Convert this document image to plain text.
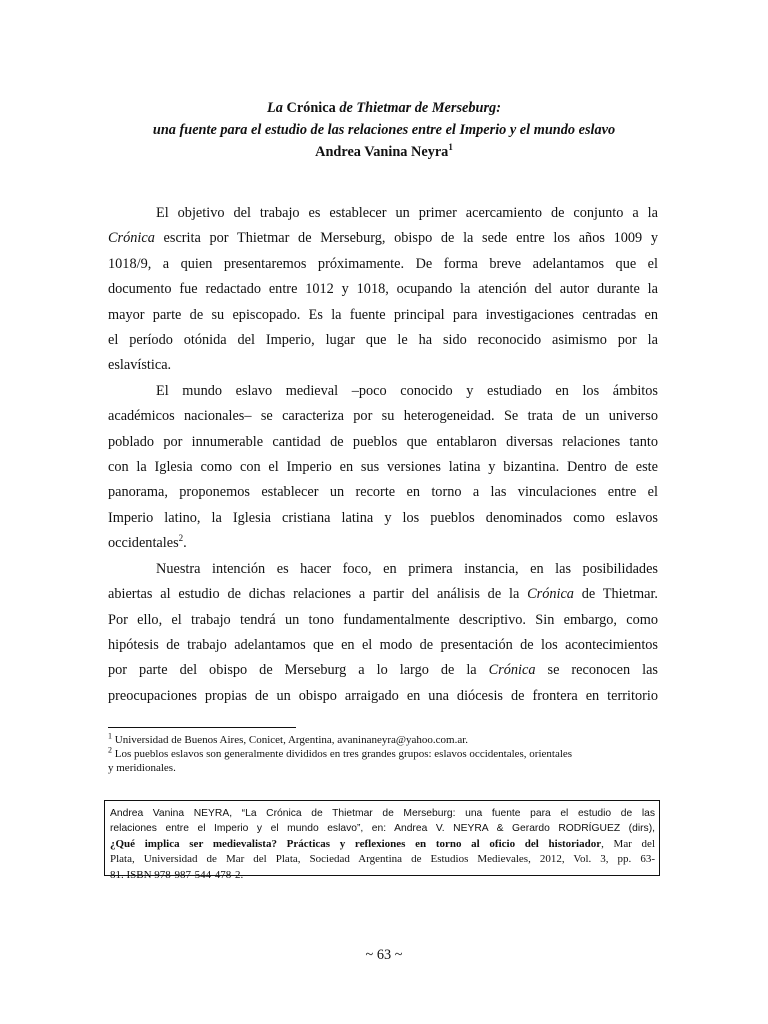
La Crónica de Thietmar de Merseburg:
una fuente para el estudio de las relaciones entre el Imperio y el mundo eslavo
Andrea Vanina Neyra$^1$

El objetivo del trabajo es establecer un primer acercamiento de conjunto a la
Crónica escrita por Thietmar de Merseburg, obispo de la sede entre los años 1009 y
1018/9, a quien presentaremos próximamente. De forma breve adelantamos que el
documento fue redactado entre 1012 y 1018, ocupando la atención del autor durante la
mayor parte de su episcopado. Es la fuente principal para investigaciones centradas en
el período otónida del Imperio, lugar que le ha sido reconocido asimismo por la
eslavística.

El mundo eslavo medieval –poco conocido y estudiado en los ámbitos
académicos nacionales– se caracteriza por su heterogeneidad. Se trata de un universo
poblado por innumerable cantidad de pueblos que entablaron diversas relaciones tanto
con la Iglesia como con el Imperio en sus versiones latina y bizantina. Dentro de este
panorama, proponemos establecer un recorte en torno a las vinculaciones entre el
Imperio latino, la Iglesia cristiana latina y los pueblos denominados como eslavos
occidentales$^2$.

Nuestra intención es hacer foco, en primera instancia, en las posibilidades
abiertas al estudio de dichas relaciones a partir del análisis de la Crónica de Thietmar.
Por ello, el trabajo tendrá un tono fundamentalmente descriptivo. Sin embargo, como
hipótesis de trabajo adelantamos que en el modo de presentación de los acontecimientos
por parte del obispo de Merseburg a lo largo de la Crónica se reconocen las
preocupaciones propias de un obispo arraigado en una diócesis de frontera en territorio

$^1$ Universidad de Buenos Aires, Conicet, Argentina, avaninaneyra@yahoo.com.ar.
$^2$ Los pueblos eslavos son generalmente divididos en tres grandes grupos: eslavos occidentales, orientales
y meridionales.
Andrea Vanina NEYRA, “La Crónica de Thietmar de Merseburg: una fuente para el estudio de las
relaciones entre el Imperio y el mundo eslavo”, en: Andrea V. NEYRA & Gerardo RODRÍGUEZ (dirs),
¿Qué implica ser medievalista? Prácticas y reflexiones en torno al oficio del historiador, Mar del
Plata, Universidad de Mar del Plata, Sociedad Argentina de Estudios Medievales, 2012, Vol. 3, pp. 63-
81. ISBN 978-987-544-478-2.
~ 63 ~
